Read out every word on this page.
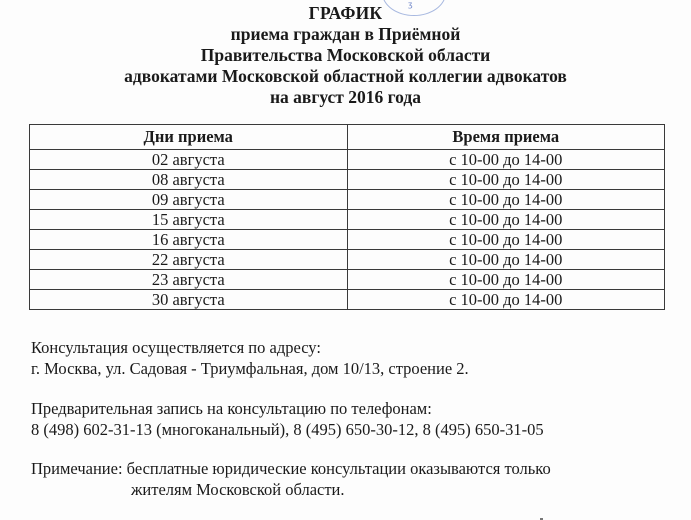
ʒ
ГРАФИК
приема граждан в Приёмной
Правительства Московской области
адвокатами Московской областной коллегии адвокатов
на август 2016 года
Дни приема	Время приема
02 августа	с 10-00 до 14-00
08 августа	с 10-00 до 14-00
09 августа	с 10-00 до 14-00
15 августа	с 10-00 до 14-00
16 августа	с 10-00 до 14-00
22 августа	с 10-00 до 14-00
23 августа	с 10-00 до 14-00
30 августа	с 10-00 до 14-00
Консультация осуществляется по адресу:
г. Москва, ул. Садовая - Триумфальная, дом 10/13, строение 2.
Предварительная запись на консультацию по телефонам:
8 (498) 602-31-13 (многоканальный), 8 (495) 650-30-12, 8 (495) 650-31-05
Примечание: бесплатные юридические консультации оказываются только
жителям Московской области.
